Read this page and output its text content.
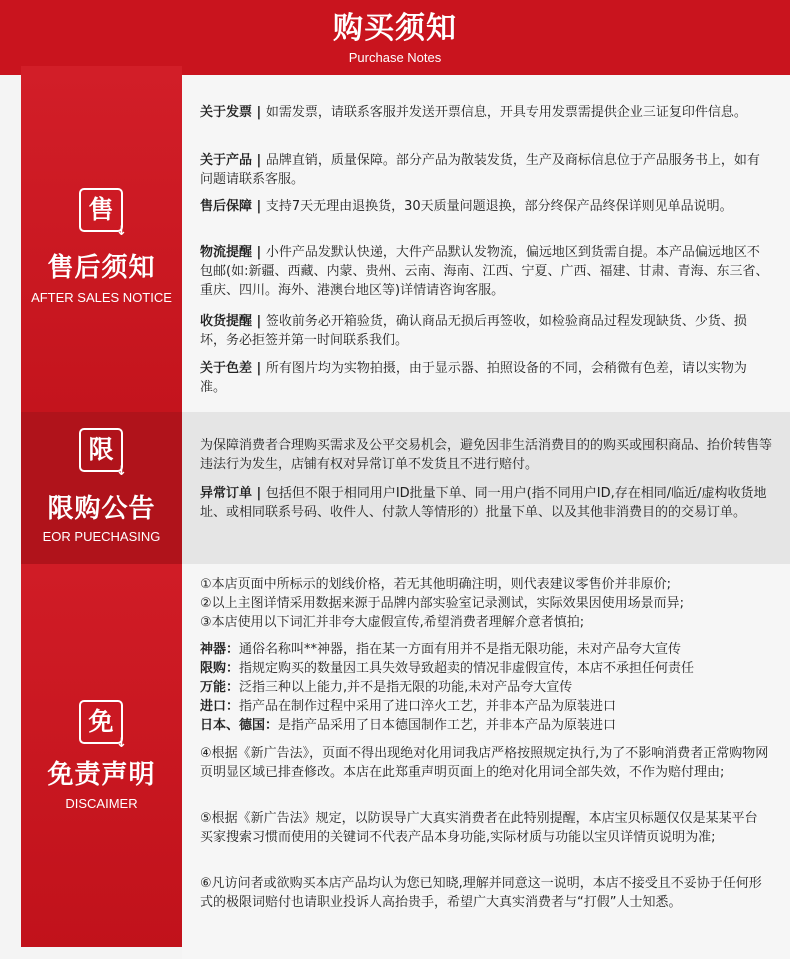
购买须知
Purchase Notes
售
↓
售后须知
AFTER SALES NOTICE
限
↓
限购公告
EOR PUECHASING
免
↓
免责声明
DISCAIMER
关于发票 | 如需发票，请联系客服并发送开票信息，开具专用发票需提供企业三证复印件信息。
关于产品 | 品牌直销，质量保障。部分产品为散装发货，生产及商标信息位于产品服务书上，如有问题请联系客服。
售后保障 | 支持7天无理由退换货，30天质量问题退换，部分终保产品终保详则见单品说明。
物流提醒 | 小件产品发默认快递，大件产品默认发物流，偏远地区到货需自提。本产品偏远地区不包邮(如:新疆、西藏、内蒙、贵州、云南、海南、江西、宁夏、广西、福建、甘肃、青海、东三省、重庆、四川。海外、港澳台地区等)详情请咨询客服。
收货提醒 | 签收前务必开箱验货，确认商品无损后再签收，如检验商品过程发现缺货、少货、损坏，务必拒签并第一时间联系我们。
关于色差 | 所有图片均为实物拍摄，由于显示器、拍照设备的不同，会稍微有色差，请以实物为准。
为保障消费者合理购买需求及公平交易机会，避免因非生活消费目的的购买或囤积商品、抬价转售等违法行为发生，店铺有权对异常订单不发货且不进行赔付。
异常订单 | 包括但不限于相同用户ID批量下单、同一用户(指不同用户ID,存在相同/临近/虚构收货地址、或相同联系号码、收件人、付款人等情形的）批量下单、以及其他非消费目的的交易订单。
①本店页面中所标示的划线价格，若无其他明确注明，则代表建议零售价并非原价;
②以上主图详情采用数据来源于品牌内部实验室记录测试，实际效果因使用场景而异;
③本店使用以下词汇并非夸大虚假宣传,希望消费者理解介意者慎拍;
神器：通俗名称叫**神器，指在某一方面有用并不是指无限功能，未对产品夸大宣传
限购：指规定购买的数量因工具失效导致超卖的情况非虚假宣传，本店不承担任何责任
万能：泛指三种以上能力,并不是指无限的功能,未对产品夸大宣传
进口：指产品在制作过程中采用了进口淬火工艺，并非本产品为原装进口
日本、德国：是指产品采用了日本德国制作工艺，并非本产品为原装进口
④根据《新广告法》，页面不得出现绝对化用词我店严格按照规定执行,为了不影响消费者正常购物网页明显区域已排查修改。本店在此郑重声明页面上的绝对化用词全部失效，不作为赔付理由;
⑤根据《新广告法》规定，以防误导广大真实消费者在此特别提醒，本店宝贝标题仅仅是某某平台买家搜索习惯而使用的关键词不代表产品本身功能,实际材质与功能以宝贝详情页说明为准;
⑥凡访问者或欲购买本店产品均认为您已知晓,理解并同意这一说明，本店不接受且不妥协于任何形式的极限词赔付也请职业投诉人高抬贵手，希望广大真实消费者与“打假”人士知悉。
